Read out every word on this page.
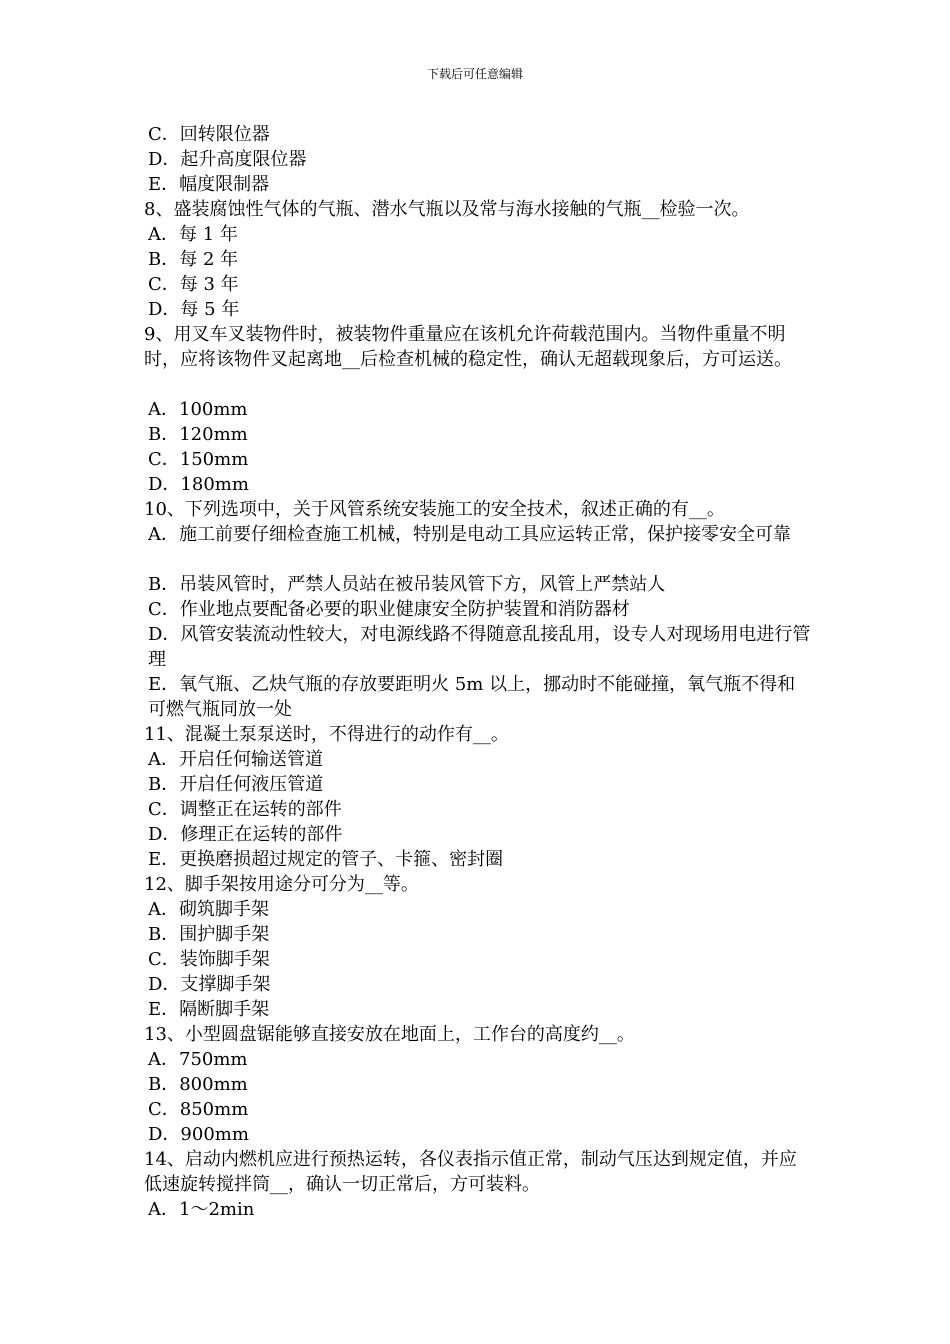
下载后可任意编辑
C．回转限位器
D．起升高度限位器
E．幅度限制器
8、盛装腐蚀性气体的气瓶、潜水气瓶以及常与海水接触的气瓶__检验一次。
A．每 1 年
B．每 2 年
C．每 3 年
D．每 5 年
9、用叉车叉装物件时，被装物件重量应在该机允许荷载范围内。当物件重量不明时，应将该物件叉起离地__后检查机械的稳定性，确认无超载现象后，方可运送。
A．100mm
B．120mm
C．150mm
D．180mm
10、下列选项中，关于风管系统安装施工的安全技术，叙述正确的有__。
A．施工前要仔细检查施工机械，特别是电动工具应运转正常，保护接零安全可靠
B．吊装风管时，严禁人员站在被吊装风管下方，风管上严禁站人
C．作业地点要配备必要的职业健康安全防护装置和消防器材
D．风管安装流动性较大，对电源线路不得随意乱接乱用，设专人对现场用电进行管理
E．氧气瓶、乙炔气瓶的存放要距明火 5m 以上，挪动时不能碰撞，氧气瓶不得和可燃气瓶同放一处
11、混凝土泵泵送时，不得进行的动作有__。
A．开启任何输送管道
B．开启任何液压管道
C．调整正在运转的部件
D．修理正在运转的部件
E．更换磨损超过规定的管子、卡箍、密封圈
12、脚手架按用途分可分为__等。
A．砌筑脚手架
B．围护脚手架
C．装饰脚手架
D．支撑脚手架
E．隔断脚手架
13、小型圆盘锯能够直接安放在地面上，工作台的高度约__。
A．750mm
B．800mm
C．850mm
D．900mm
14、启动内燃机应进行预热运转，各仪表指示值正常，制动气压达到规定值，并应低速旋转搅拌筒__，确认一切正常后，方可装料。
A．1～2min
